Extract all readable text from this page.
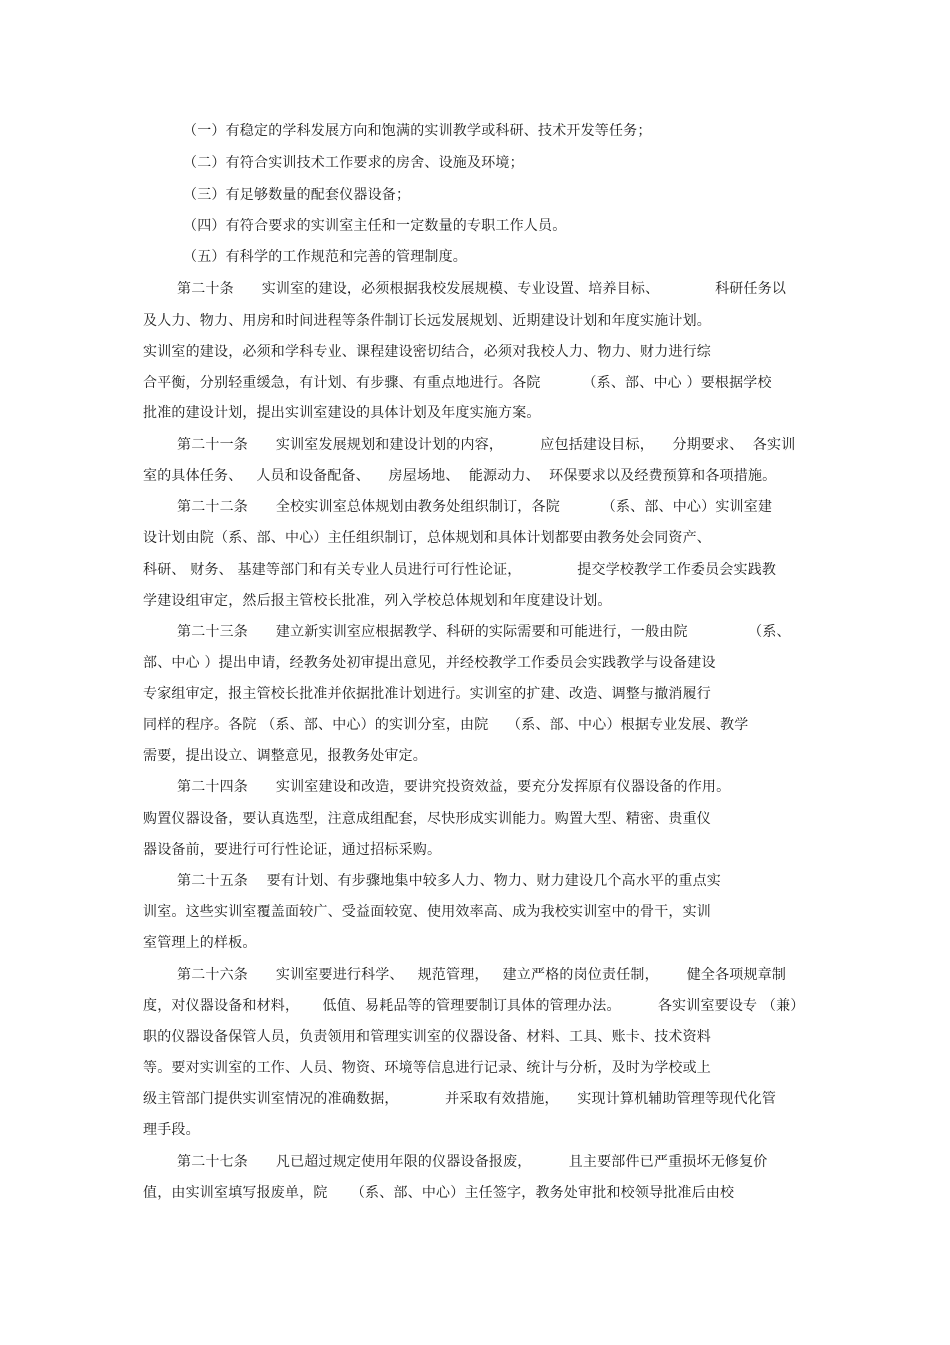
（一）有稳定的学科发展方向和饱满的实训教学或科研、技术开发等任务；
（二）有符合实训技术工作要求的房舍、设施及环境；
（三）有足够数量的配套仪器设备；
（四）有符合要求的实训室主任和一定数量的专职工作人员。
（五）有科学的工作规范和完善的管理制度。
第二十条      实训室的建设，必须根据我校发展规模、专业设置、培养目标、            科研任务以
及人力、物力、用房和时间进程等条件制订长远发展规划、近期建设计划和年度实施计划。
实训室的建设，必须和学科专业、课程建设密切结合，必须对我校人力、物力、财力进行综
合平衡，分别轻重缓急，有计划、有步骤、有重点地进行。各院         （系、部、中心 ）要根据学校
批准的建设计划，提出实训室建设的具体计划及年度实施方案。
第二十一条      实训室发展规划和建设计划的内容，        应包括建设目标，    分期要求、  各实训
室的具体任务、   人员和设备配备、    房屋场地、  能源动力、  环保要求以及经费预算和各项措施。
第二十二条      全校实训室总体规划由教务处组织制订，各院         （系、部、中心）实训室建
设计划由院（系、部、中心）主任组织制订，总体规划和具体计划都要由教务处会同资产、
科研、 财务、 基建等部门和有关专业人员进行可行性论证，            提交学校教学工作委员会实践教
学建设组审定，然后报主管校长批准，列入学校总体规划和年度建设计划。
第二十三条      建立新实训室应根据教学、科研的实际需要和可能进行，一般由院             （系、
部、中心 ）提出申请，经教务处初审提出意见，并经校教学工作委员会实践教学与设备建设
专家组审定，报主管校长批准并依据批准计划进行。实训室的扩建、改造、调整与撤消履行
同样的程序。各院 （系、部、中心）的实训分室，由院    （系、部、中心）根据专业发展、教学
需要，提出设立、调整意见，报教务处审定。
第二十四条      实训室建设和改造，要讲究投资效益，要充分发挥原有仪器设备的作用。
购置仪器设备，要认真选型，注意成组配套，尽快形成实训能力。购置大型、精密、贵重仪
器设备前，要进行可行性论证，通过招标采购。
第二十五条    要有计划、有步骤地集中较多人力、物力、财力建设几个高水平的重点实
训室。这些实训室覆盖面较广、受益面较宽、使用效率高、成为我校实训室中的骨干，实训
室管理上的样板。
第二十六条      实训室要进行科学、   规范管理，   建立严格的岗位责任制，      健全各项规章制
度，对仪器设备和材料，     低值、易耗品等的管理要制订具体的管理办法。        各实训室要设专 （兼）
职的仪器设备保管人员，负责领用和管理实训室的仪器设备、材料、工具、账卡、技术资料
等。要对实训室的工作、人员、物资、环境等信息进行记录、统计与分析，及时为学校或上
级主管部门提供实训室情况的准确数据，          并采取有效措施，    实现计算机辅助管理等现代化管
理手段。
第二十七条      凡已超过规定使用年限的仪器设备报废，        且主要部件已严重损坏无修复价
值，由实训室填写报废单，院     （系、部、中心）主任签字，教务处审批和校领导批准后由校
